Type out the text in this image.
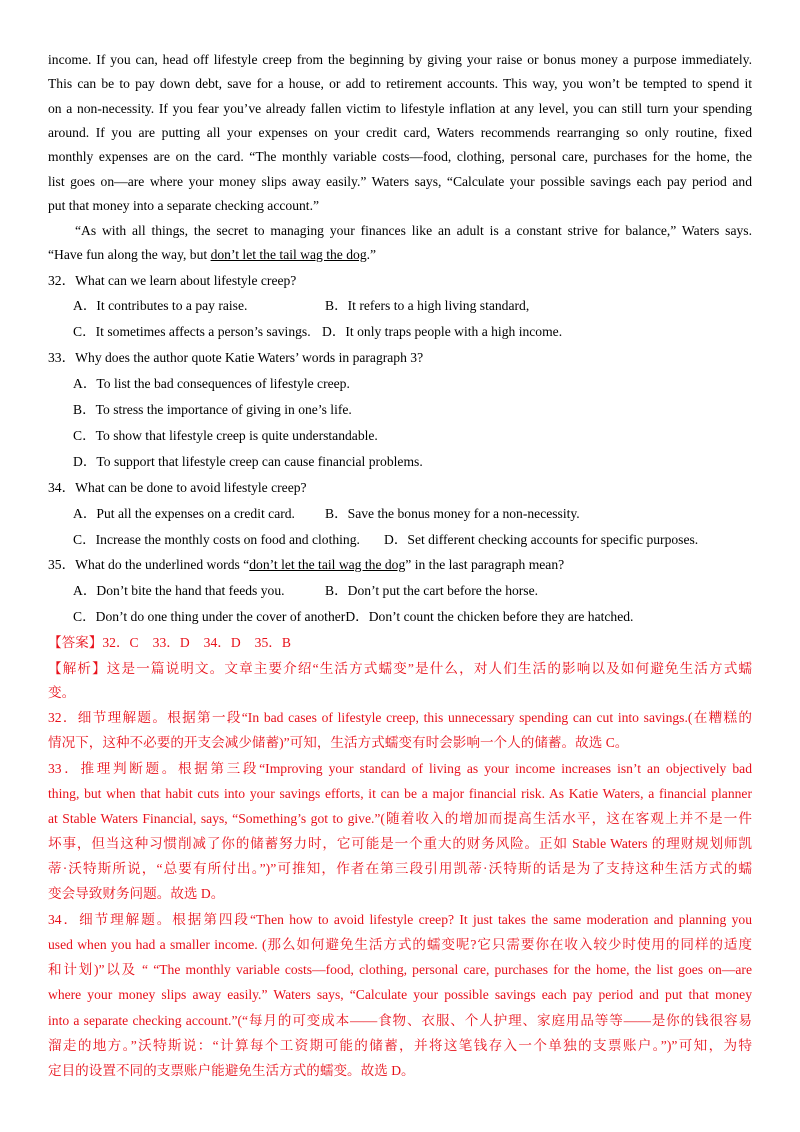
income. If you can, head off lifestyle creep from the beginning by giving your raise or bonus money a purpose immediately.
This can be to pay down debt, save for a house, or add to retirement accounts. This way, you won’t be tempted to spend it
on a non-necessity. If you fear you’ve already fallen victim to lifestyle inflation at any level, you can still turn your spending
around. If you are putting all your expenses on your credit card, Waters recommends rearranging so only routine, fixed
monthly expenses are on the card. “The monthly variable costs—food, clothing, personal care, purchases for the home, the
list goes on—are where your money slips away easily.” Waters says, “Calculate your possible savings each pay period and
put that money into a separate checking account.”
“As with all things, the secret to managing your finances like an adult is a constant strive for balance,” Waters says.
“Have fun along the way, but don’t let the tail wag the dog.”
32．What can we learn about lifestyle creep?
A．It contributes to a pay raise.	B．It refers to a high living standard,
C．It sometimes affects a person’s savings. D．It only traps people with a high income.
33．Why does the author quote Katie Waters’ words in paragraph 3?
A．To list the bad consequences of lifestyle creep.
B．To stress the importance of giving in one’s life.
C．To show that lifestyle creep is quite understandable.
D．To support that lifestyle creep can cause financial problems.
34．What can be done to avoid lifestyle creep?
A．Put all the expenses on a credit card. B．Save the bonus money for a non-necessity.
C．Increase the monthly costs on food and clothing. D．Set different checking accounts for specific purposes.
35．What do the underlined words “don’t let the tail wag the dog” in the last paragraph mean?
A．Don’t bite the hand that feeds you.	B．Don’t put the cart before the horse.
C．Don’t do one thing under the cover of anotherD．Don’t count the chicken before they are hatched.
【答案】32．C 33．D 34．D 35．B
【解析】这是一篇说明文。文章主要介绍“生活方式蠕变”是什么，对人们生活的影响以及如何避免生活方式蠕
变。
32．细节理解题。根据第一段“In bad cases of lifestyle creep, this unnecessary spending can cut into savings.(在糟糕的
情况下，这种不必要的开支会减少储蓄)”可知，生活方式蠕变有时会影响一个人的储蓄。故选 C。
33．推理判断题。根据第三段“Improving your standard of living as your income increases isn’t an objectively bad
thing, but when that habit cuts into your savings efforts, it can be a major financial risk. As Katie Waters, a financial planner
at Stable Waters Financial, says, “Something’s got to give.”(随着收入的增加而提高生活水平，这在客观上并不是一件
坏事，但当这种习惯削减了你的储蓄努力时，它可能是一个重大的财务风险。正如 Stable Waters 的理财规划师凯
蒂·沃特斯所说，“总要有所付出。”)”可推知，作者在第三段引用凯蒂·沃特斯的话是为了支持这种生活方式的蠕
变会导致财务问题。故选 D。
34．细节理解题。根据第四段“Then how to avoid lifestyle creep? It just takes the same moderation and planning you
used when you had a smaller income. (那么如何避免生活方式的蠕变呢?它只需要你在收入较少时使用的同样的适度
和计划)”以及 “ “The monthly variable costs—food, clothing, personal care, purchases for the home, the list goes on—are
where your money slips away easily.” Waters says, “Calculate your possible savings each pay period and put that money
into a separate checking account.”(“每月的可变成本——食物、衣服、个人护理、家庭用品等等——是你的钱很容易
溜走的地方。”沃特斯说：“计算每个工资期可能的储蓄，并将这笔钱存入一个单独的支票账户。”)”可知，为特
定目的设置不同的支票账户能避免生活方式的蠕变。故选 D。
